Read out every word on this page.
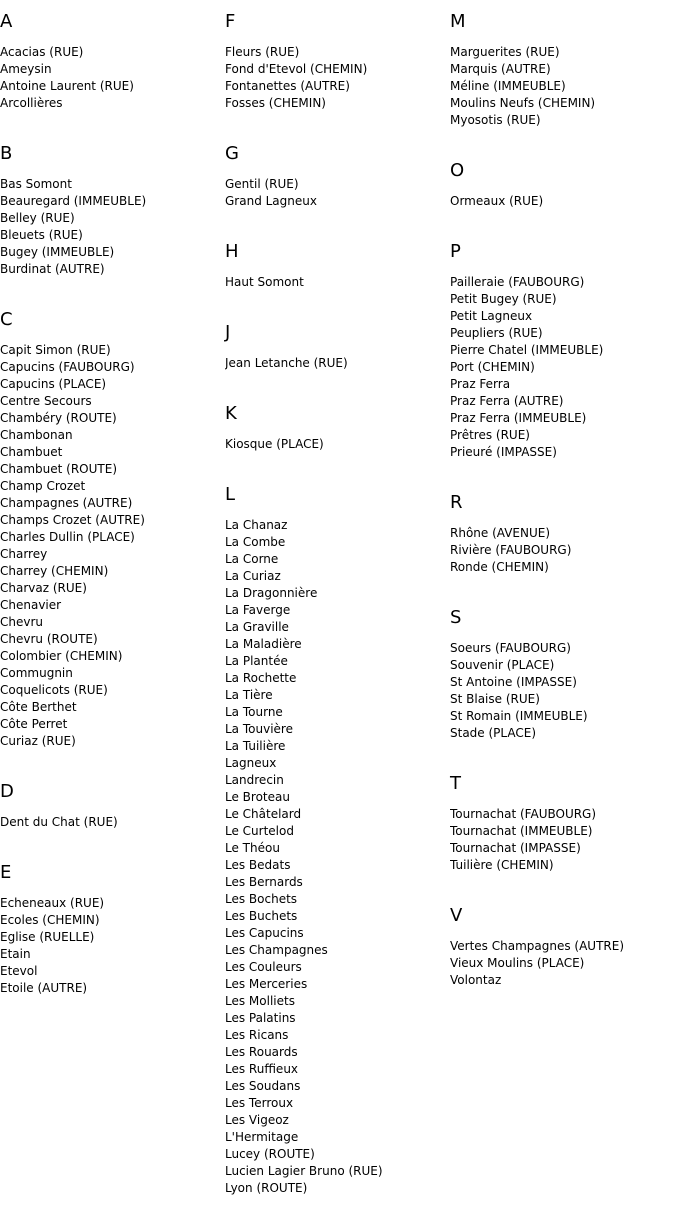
A
Acacias (RUE)
Ameysin
Antoine Laurent (RUE)
Arcollières
B
Bas Somont
Beauregard (IMMEUBLE)
Belley (RUE)
Bleuets (RUE)
Bugey (IMMEUBLE)
Burdinat (AUTRE)
C
Capit Simon (RUE)
Capucins (FAUBOURG)
Capucins (PLACE)
Centre Secours
Chambéry (ROUTE)
Chambonan
Chambuet
Chambuet (ROUTE)
Champ Crozet
Champagnes (AUTRE)
Champs Crozet (AUTRE)
Charles Dullin (PLACE)
Charrey
Charrey (CHEMIN)
Charvaz (RUE)
Chenavier
Chevru
Chevru (ROUTE)
Colombier (CHEMIN)
Commugnin
Coquelicots (RUE)
Côte Berthet
Côte Perret
Curiaz (RUE)
D
Dent du Chat (RUE)
E
Echeneaux (RUE)
Ecoles (CHEMIN)
Eglise (RUELLE)
Etain
Etevol
Etoile (AUTRE)
F
Fleurs (RUE)
Fond d'Etevol (CHEMIN)
Fontanettes (AUTRE)
Fosses (CHEMIN)
G
Gentil (RUE)
Grand Lagneux
H
Haut Somont
J
Jean Letanche (RUE)
K
Kiosque (PLACE)
L
La Chanaz
La Combe
La Corne
La Curiaz
La Dragonnière
La Faverge
La Graville
La Maladière
La Plantée
La Rochette
La Tière
La Tourne
La Touvière
La Tuilière
Lagneux
Landrecin
Le Broteau
Le Châtelard
Le Curtelod
Le Théou
Les Bedats
Les Bernards
Les Bochets
Les Buchets
Les Capucins
Les Champagnes
Les Couleurs
Les Merceries
Les Molliets
Les Palatins
Les Ricans
Les Rouards
Les Ruffieux
Les Soudans
Les Terroux
Les Vigeoz
L'Hermitage
Lucey (ROUTE)
Lucien Lagier Bruno (RUE)
Lyon (ROUTE)
M
Marguerites (RUE)
Marquis (AUTRE)
Méline (IMMEUBLE)
Moulins Neufs (CHEMIN)
Myosotis (RUE)
O
Ormeaux (RUE)
P
Pailleraie (FAUBOURG)
Petit Bugey (RUE)
Petit Lagneux
Peupliers (RUE)
Pierre Chatel (IMMEUBLE)
Port (CHEMIN)
Praz Ferra
Praz Ferra (AUTRE)
Praz Ferra (IMMEUBLE)
Prêtres (RUE)
Prieuré (IMPASSE)
R
Rhône (AVENUE)
Rivière (FAUBOURG)
Ronde (CHEMIN)
S
Soeurs (FAUBOURG)
Souvenir (PLACE)
St Antoine (IMPASSE)
St Blaise (RUE)
St Romain (IMMEUBLE)
Stade (PLACE)
T
Tournachat (FAUBOURG)
Tournachat (IMMEUBLE)
Tournachat (IMPASSE)
Tuilière (CHEMIN)
V
Vertes Champagnes (AUTRE)
Vieux Moulins (PLACE)
Volontaz
